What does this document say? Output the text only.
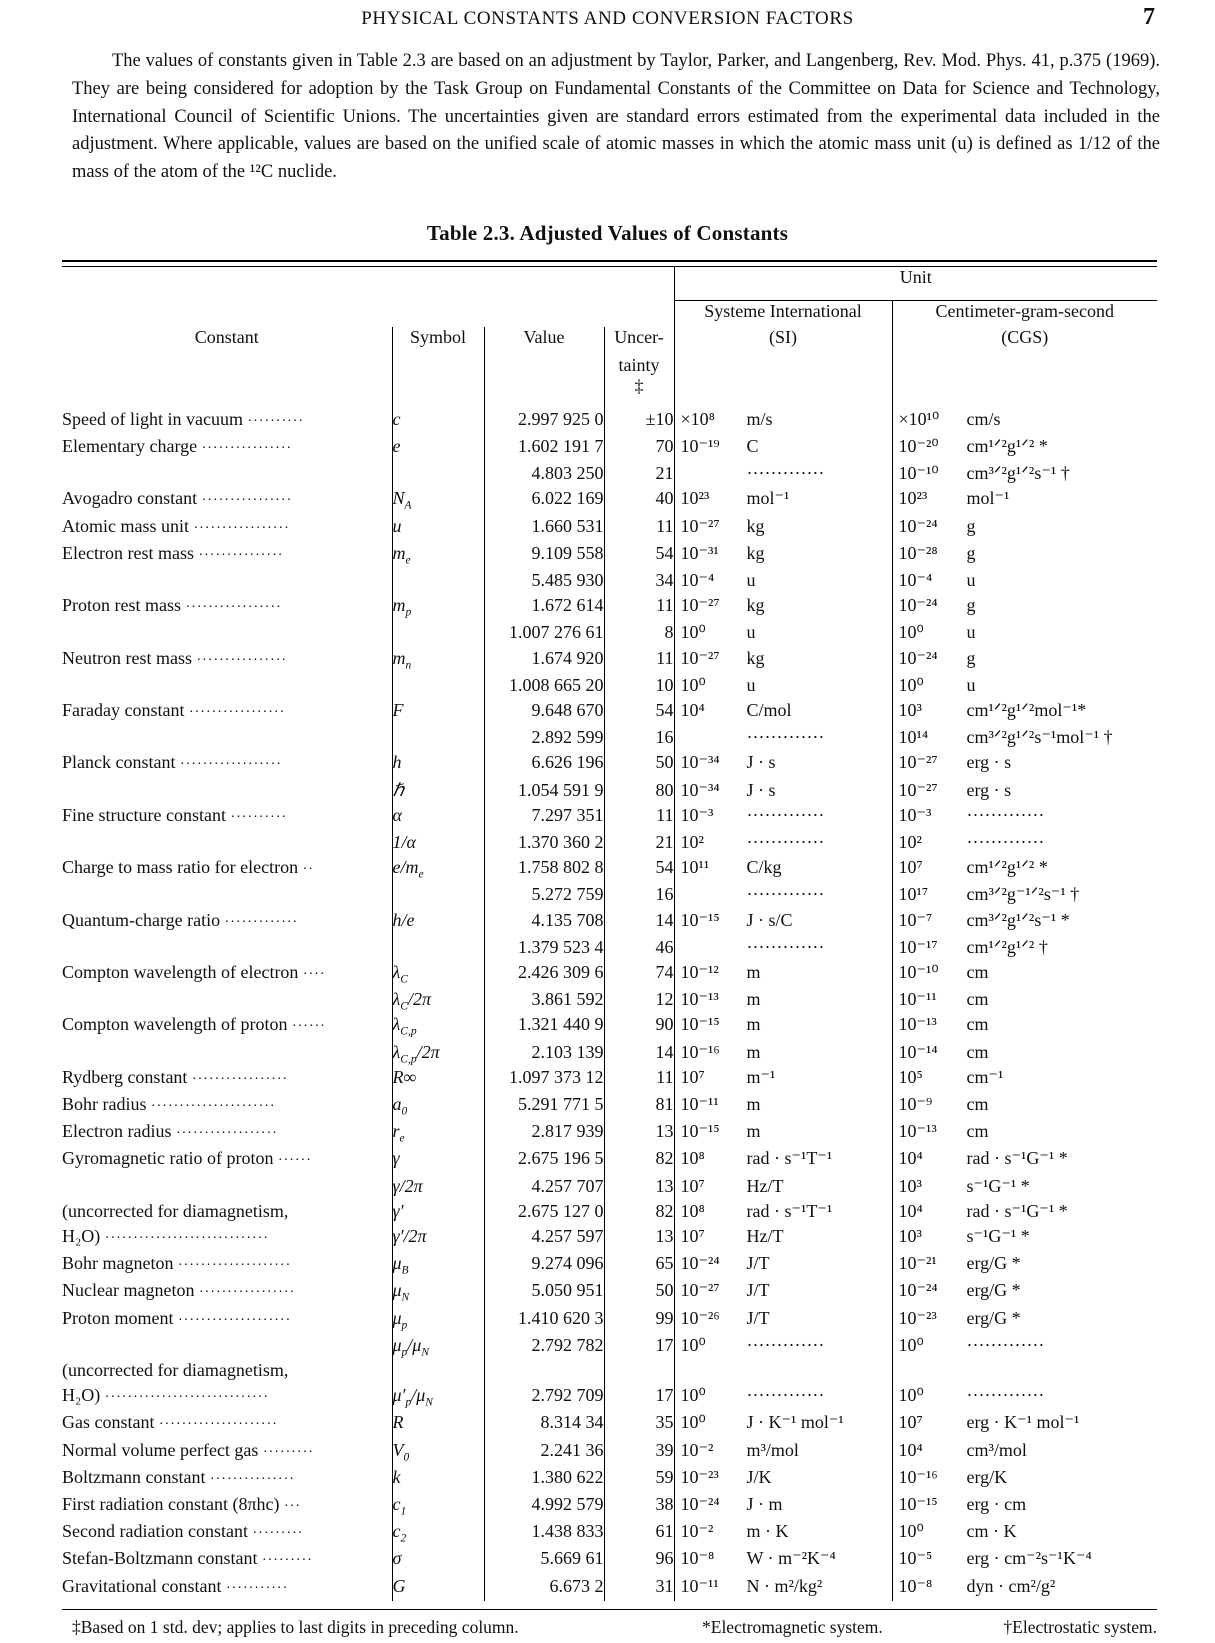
PHYSICAL CONSTANTS AND CONVERSION FACTORS	7
The values of constants given in Table 2.3 are based on an adjustment by Taylor, Parker, and Langenberg, Rev. Mod. Phys. 41, p.375 (1969). They are being considered for adoption by the Task Group on Fundamental Constants of the Committee on Data for Science and Technology, International Council of Scientific Unions. The uncertainties given are standard errors estimated from the experimental data included in the adjustment. Where applicable, values are based on the unified scale of atomic masses in which the atomic mass unit (u) is defined as 1/12 of the mass of the atom of the ¹²C nuclide.
Table 2.3. Adjusted Values of Constants
				Unit	
				Systeme International	Centimeter-gram-second
Constant	Symbol	Value	Uncer-	(SI)	(CGS)
			tainty
‡		

Speed of light in vacuum ··········	c	2.997 925 0	±10	×10⁸ m/s	×10¹⁰ cm/s
Elementary charge ················	e	1.602 191 7	70	10⁻¹⁹ C	10⁻²⁰ cm¹ᐟ²g¹ᐟ² *
		4.803 250	21	·············	10⁻¹⁰ cm³ᐟ²g¹ᐟ²s⁻¹ †
Avogadro constant ················	$N_A$	6.022 169	40	10²³ mol⁻¹	10²³ mol⁻¹
Atomic mass unit ·················	u	1.660 531	11	10⁻²⁷ kg	10⁻²⁴ g
Electron rest mass ···············	$m_e$	9.109 558	54	10⁻³¹ kg	10⁻²⁸ g
		5.485 930	34	10⁻⁴ u	10⁻⁴ u
Proton rest mass ·················	$m_p$	1.672 614	11	10⁻²⁷ kg	10⁻²⁴ g
		1.007 276 61	8	10⁰ u	10⁰ u
Neutron rest mass ················	$m_n$	1.674 920	11	10⁻²⁷ kg	10⁻²⁴ g
		1.008 665 20	10	10⁰ u	10⁰ u
Faraday constant ·················	F	9.648 670	54	10⁴ C/mol	10³ cm¹ᐟ²g¹ᐟ²mol⁻¹*
		2.892 599	16	·············	10¹⁴ cm³ᐟ²g¹ᐟ²s⁻¹mol⁻¹ †
Planck constant ··················	h	6.626 196	50	10⁻³⁴ J · s	10⁻²⁷ erg · s
	ℏ	1.054 591 9	80	10⁻³⁴ J · s	10⁻²⁷ erg · s
Fine structure constant ··········	α	7.297 351	11	10⁻³ ·············	10⁻³ ·············
	1/α	1.370 360 2	21	10² ·············	10² ·············
Charge to mass ratio for electron ··	$e/m_e$	1.758 802 8	54	10¹¹ C/kg	10⁷ cm¹ᐟ²g¹ᐟ² *
		5.272 759	16	·············	10¹⁷ cm³ᐟ²g⁻¹ᐟ²s⁻¹ †
Quantum-charge ratio ·············	h/e	4.135 708	14	10⁻¹⁵ J · s/C	10⁻⁷ cm³ᐟ²g¹ᐟ²s⁻¹ *
		1.379 523 4	46	·············	10⁻¹⁷ cm¹ᐟ²g¹ᐟ² †
Compton wavelength of electron ····	$\lambda_C$	2.426 309 6	74	10⁻¹² m	10⁻¹⁰ cm
	$\lambda_C/2\pi$	3.861 592	12	10⁻¹³ m	10⁻¹¹ cm
Compton wavelength of proton ······	$\lambda_{C,p}$	1.321 440 9	90	10⁻¹⁵ m	10⁻¹³ cm
	$\lambda_{C,p}/2\pi$	2.103 139	14	10⁻¹⁶ m	10⁻¹⁴ cm
Rydberg constant ·················	R∞	1.097 373 12	11	10⁷ m⁻¹	10⁵ cm⁻¹
Bohr radius ······················	$a_0$	5.291 771 5	81	10⁻¹¹ m	10⁻⁹ cm
Electron radius ··················	$r_e$	2.817 939	13	10⁻¹⁵ m	10⁻¹³ cm
Gyromagnetic ratio of proton ······	γ	2.675 196 5	82	10⁸ rad · s⁻¹T⁻¹	10⁴ rad · s⁻¹G⁻¹ *
	γ/2π	4.257 707	13	10⁷ Hz/T	10³ s⁻¹G⁻¹ *
(uncorrected for diamagnetism,	γ′	2.675 127 0	82	10⁸ rad · s⁻¹T⁻¹	10⁴ rad · s⁻¹G⁻¹ *
H₂O) ·····························	γ′/2π	4.257 597	13	10⁷ Hz/T	10³ s⁻¹G⁻¹ *
Bohr magneton ····················	$\mu_B$	9.274 096	65	10⁻²⁴ J/T	10⁻²¹ erg/G *
Nuclear magneton ·················	$\mu_N$	5.050 951	50	10⁻²⁷ J/T	10⁻²⁴ erg/G *
Proton moment ····················	$\mu_p$	1.410 620 3	99	10⁻²⁶ J/T	10⁻²³ erg/G *
	$\mu_p/\mu_N$	2.792 782	17	10⁰ ·············	10⁰ ·············
(uncorrected for diamagnetism,					
H₂O) ·····························	$\mu'_p/\mu_N$	2.792 709	17	10⁰ ·············	10⁰ ·············
Gas constant ·····················	R	8.314 34	35	10⁰ J · K⁻¹ mol⁻¹	10⁷ erg · K⁻¹ mol⁻¹
Normal volume perfect gas ·········	$V_0$	2.241 36	39	10⁻² m³/mol	10⁴ cm³/mol
Boltzmann constant ···············	k	1.380 622	59	10⁻²³ J/K	10⁻¹⁶ erg/K
First radiation constant (8πhc) ···	$c_1$	4.992 579	38	10⁻²⁴ J · m	10⁻¹⁵ erg · cm
Second radiation constant ·········	$c_2$	1.438 833	61	10⁻² m · K	10⁰ cm · K
Stefan-Boltzmann constant ·········	σ	5.669 61	96	10⁻⁸ W · m⁻²K⁻⁴	10⁻⁵ erg · cm⁻²s⁻¹K⁻⁴
Gravitational constant ···········	G	6.673 2	31	10⁻¹¹ N · m²/kg²	10⁻⁸ dyn · cm²/g²
‡Based on 1 std. dev; applies to last digits in preceding column.	*Electromagnetic system.	†Electrostatic system.
